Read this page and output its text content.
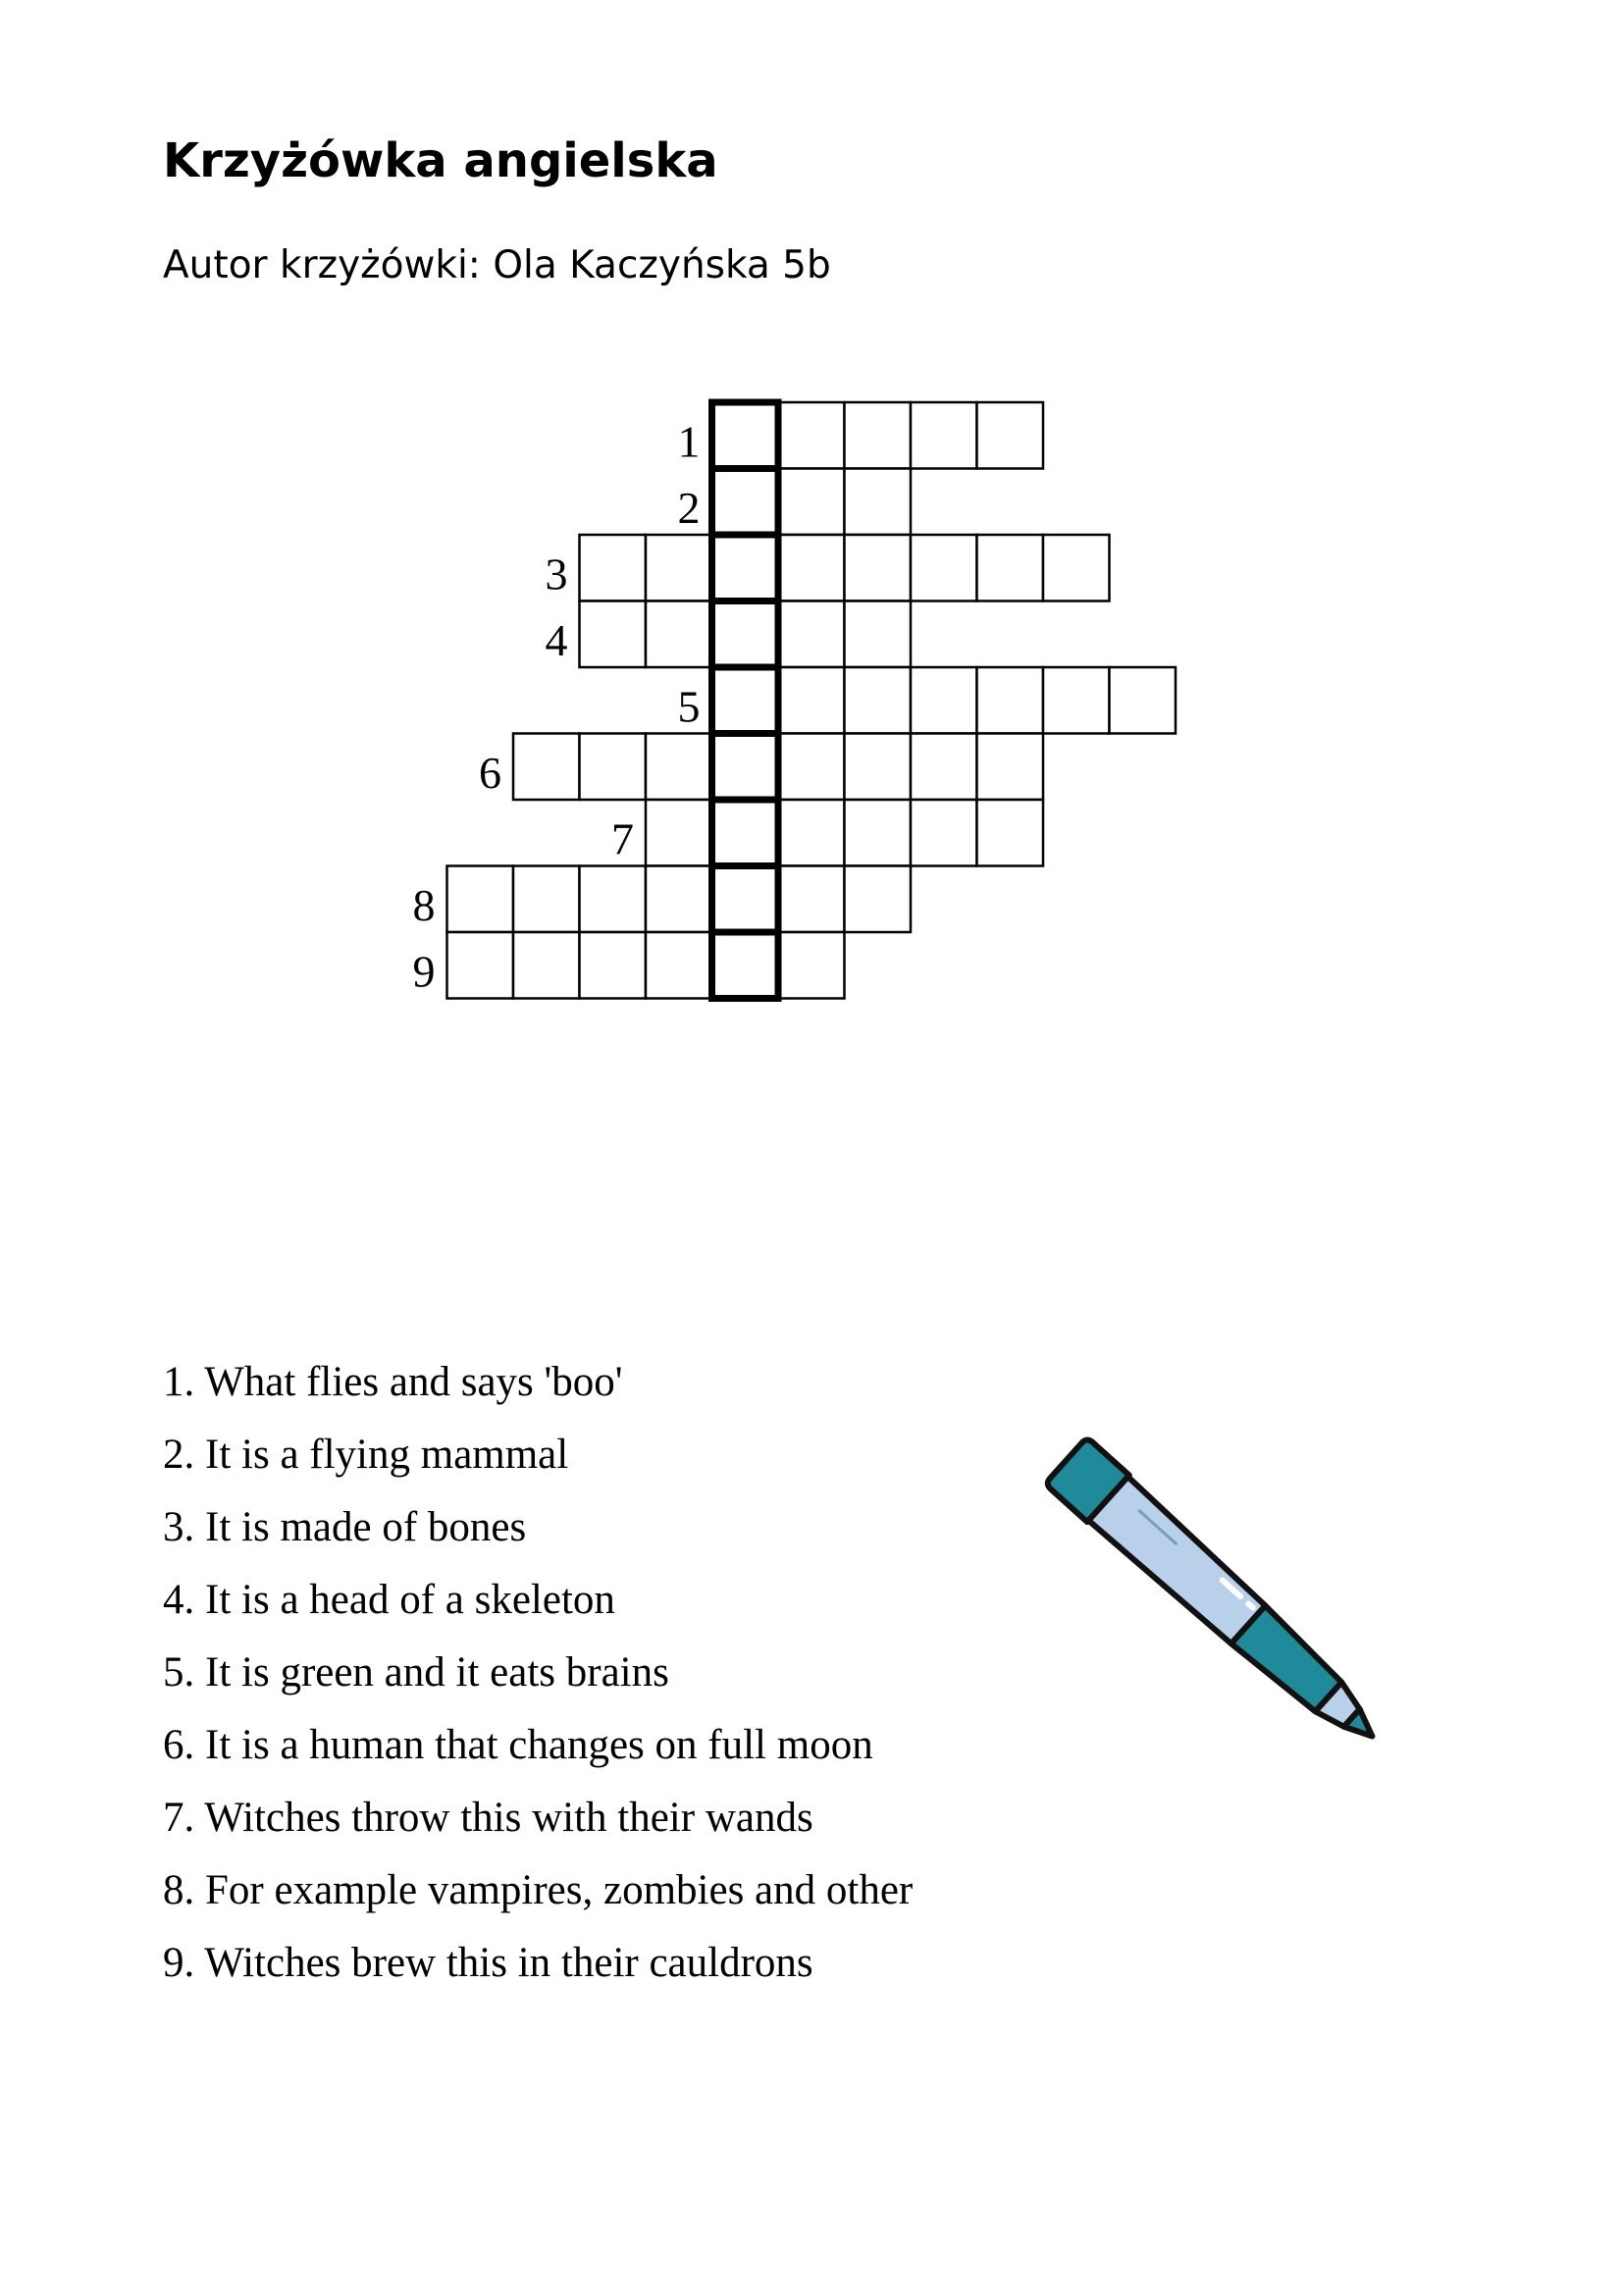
Krzyżówka angielska

Autor krzyżówki: Ola Kaczyńska 5b

1
2
3
4
5
6
7
8
9
1. What flies and says 'boo'
2. It is a flying mammal
3. It is made of bones
4. It is a head of a skeleton
5. It is green and it eats brains
6. It is a human that changes on full moon
7. Witches throw this with their wands
8. For example vampires, zombies and other
9. Witches brew this in their cauldrons
